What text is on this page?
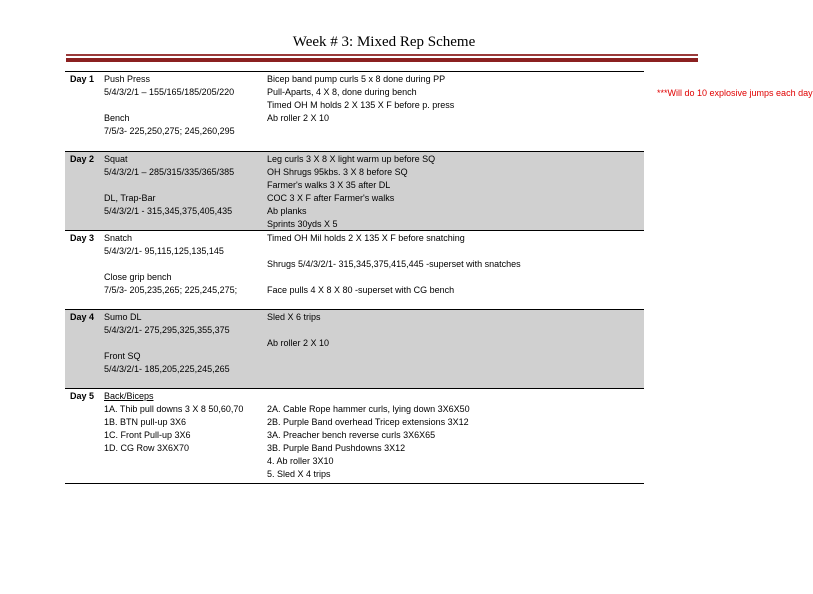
Week # 3: Mixed Rep Scheme
Day 1 Push Press
5/4/3/2/1 – 155/165/185/205/220
Bench
7/5/3- 225,250,275; 245,260,295
Bicep band pump curls 5 x 8 done during PP
Pull-Aparts, 4 X 8, done during bench
Timed OH M holds 2 X 135 X F before p. press
Ab roller 2 X 10
***Will do 10 explosive jumps each day
Day 2 Squat
5/4/3/2/1 – 285/315/335/365/385
DL, Trap-Bar
5/4/3/2/1 - 315,345,375,405,435
Leg curls 3 X 8 X light warm up before SQ
OH Shrugs 95kbs. 3 X 8 before SQ
Farmer's walks 3 X 35 after DL
COC 3 X F after Farmer's walks
Ab planks
Sprints 30yds X 5
Day 3 Snatch
5/4/3/2/1- 95,115,125,135,145
Close grip bench
7/5/3- 205,235,265; 225,245,275;
Timed OH Mil holds 2 X 135 X F before snatching
Shrugs 5/4/3/2/1- 315,345,375,415,445 -superset with snatches
Face pulls 4 X 8 X 80 -superset with CG bench
Day 4 Sumo DL
5/4/3/2/1- 275,295,325,355,375
Front SQ
5/4/3/2/1- 185,205,225,245,265
Sled X 6 trips
Ab roller 2 X 10
Day 5 Back/Biceps
1A. Thib pull downs 3 X 8 50,60,70
1B. BTN pull-up 3X6
1C. Front Pull-up 3X6
1D. CG Row 3X6X70
2A. Cable Rope hammer curls, lying down 3X6X50
2B. Purple Band overhead Tricep extensions 3X12
3A. Preacher bench reverse curls 3X6X65
3B. Purple Band Pushdowns 3X12
4. Ab roller 3X10
5. Sled X 4 trips
